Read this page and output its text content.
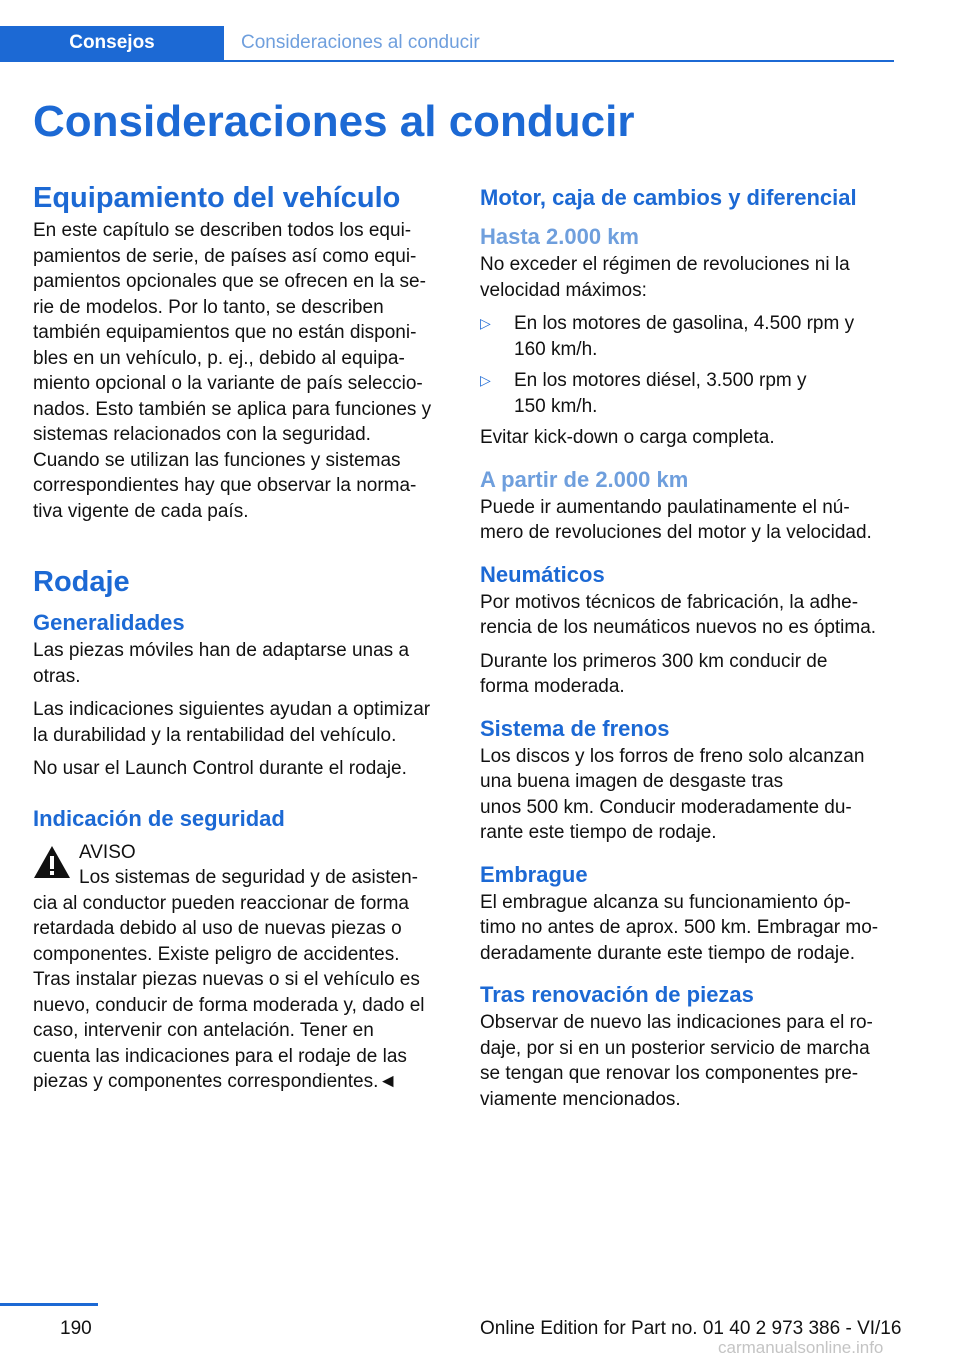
Consejos	Consideraciones al conducir
Consideraciones al conducir
Equipamiento del vehículo

En este capítulo se describen todos los equi‐
pamientos de serie, de países así como equi‐
pamientos opcionales que se ofrecen en la se‐
rie de modelos. Por lo tanto, se describen
también equipamientos que no están disponi‐
bles en un vehículo, p. ej., debido al equipa‐
miento opcional o la variante de país seleccio‐
nados. Esto también se aplica para funciones y
sistemas relacionados con la seguridad.
Cuando se utilizan las funciones y sistemas
correspondientes hay que observar la norma‐
tiva vigente de cada país.

Rodaje
Generalidades

Las piezas móviles han de adaptarse unas a
otras.

Las indicaciones siguientes ayudan a optimizar
la durabilidad y la rentabilidad del vehículo.

No usar el Launch Control durante el rodaje.

Indicación de seguridad

AVISO

Los sistemas de seguridad y de asisten‐

cia al conductor pueden reaccionar de forma
retardada debido al uso de nuevas piezas o
componentes. Existe peligro de accidentes.
Tras instalar piezas nuevas o si el vehículo es
nuevo, conducir de forma moderada y, dado el
caso, intervenir con antelación. Tener en
cuenta las indicaciones para el rodaje de las
piezas y componentes correspondientes.◄

Motor, caja de cambios y diferencial
Hasta 2.000 km

No exceder el régimen de revoluciones ni la
velocidad máximos:

▷ En los motores de gasolina, 4.500 rpm y
160 km/h.
▷ En los motores diésel, 3.500 rpm y
150 km/h.

Evitar kick-down o carga completa.

A partir de 2.000 km

Puede ir aumentando paulatinamente el nú‐
mero de revoluciones del motor y la velocidad.

Neumáticos

Por motivos técnicos de fabricación, la adhe‐
rencia de los neumáticos nuevos no es óptima.

Durante los primeros 300 km conducir de
forma moderada.

Sistema de frenos

Los discos y los forros de freno solo alcanzan
una buena imagen de desgaste tras
unos 500 km. Conducir moderadamente du‐
rante este tiempo de rodaje.

Embrague

El embrague alcanza su funcionamiento óp‐
timo no antes de aprox. 500 km. Embragar mo‐
deradamente durante este tiempo de rodaje.

Tras renovación de piezas

Observar de nuevo las indicaciones para el ro‐
daje, por si en un posterior servicio de marcha
se tengan que renovar los componentes pre‐
viamente mencionados.

190	Online Edition for Part no. 01 40 2 973 386 - VI/16
carmanualsonline.info
